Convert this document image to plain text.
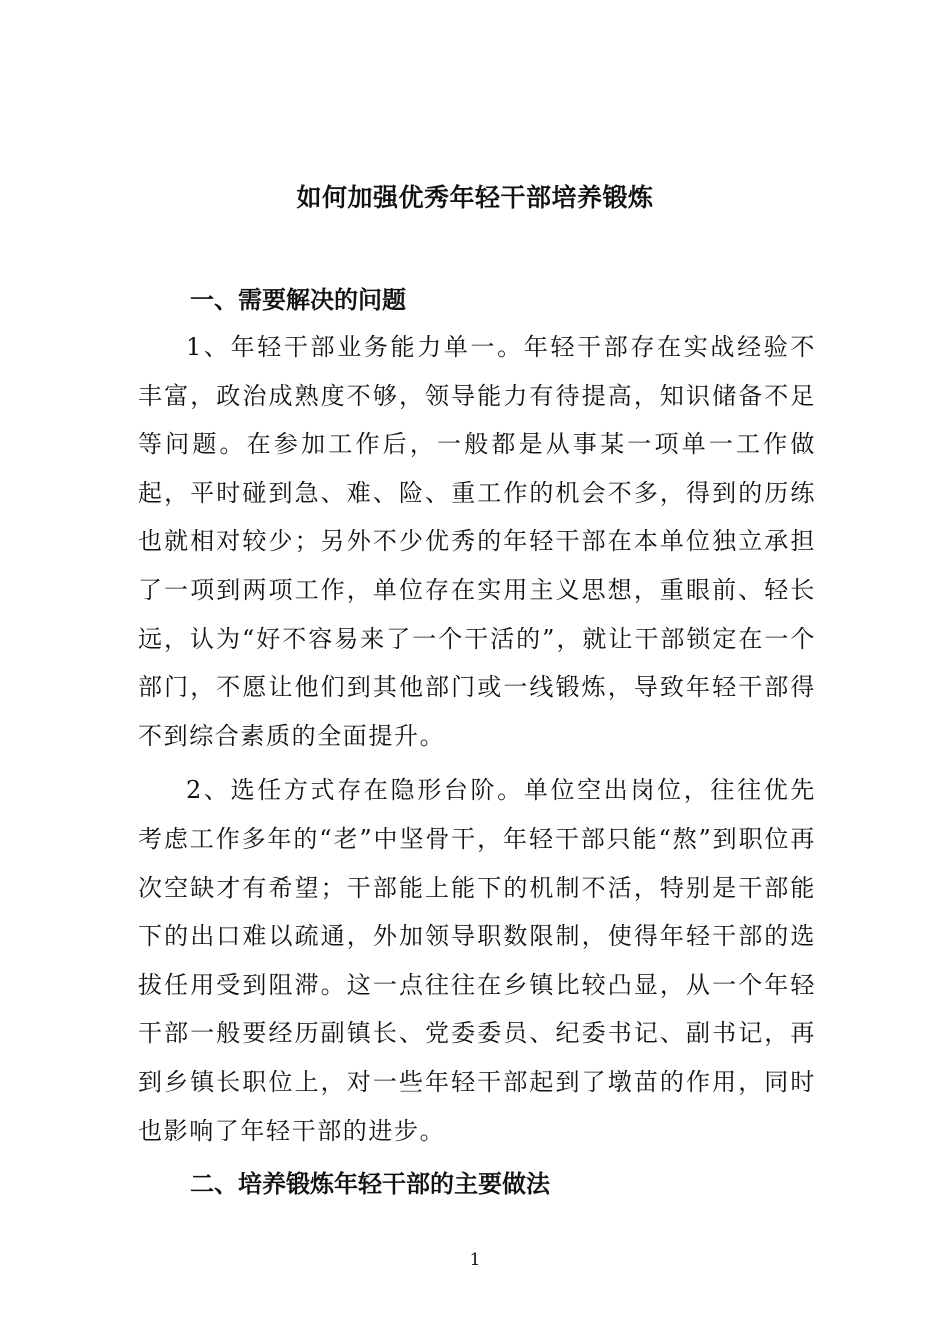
如何加强优秀年轻干部培养锻炼
一、需要解决的问题

1、年轻干部业务能力单一。年轻干部存在实战经验不丰富，政治成熟度不够，领导能力有待提高，知识储备不足等问题。在参加工作后，一般都是从事某一项单一工作做起，平时碰到急、难、险、重工作的机会不多，得到的历练也就相对较少；另外不少优秀的年轻干部在本单位独立承担了一项到两项工作，单位存在实用主义思想，重眼前、轻长远，认为“好不容易来了一个干活的”，就让干部锁定在一个部门，不愿让他们到其他部门或一线锻炼，导致年轻干部得不到综合素质的全面提升。

2、选任方式存在隐形台阶。单位空出岗位，往往优先考虑工作多年的“老”中坚骨干，年轻干部只能“熬”到职位再次空缺才有希望；干部能上能下的机制不活，特别是干部能下的出口难以疏通，外加领导职数限制，使得年轻干部的选拔任用受到阻滞。这一点往往在乡镇比较凸显，从一个年轻干部一般要经历副镇长、党委委员、纪委书记、副书记，再到乡镇长职位上，对一些年轻干部起到了墩苗的作用，同时也影响了年轻干部的进步。

二、培养锻炼年轻干部的主要做法

1
